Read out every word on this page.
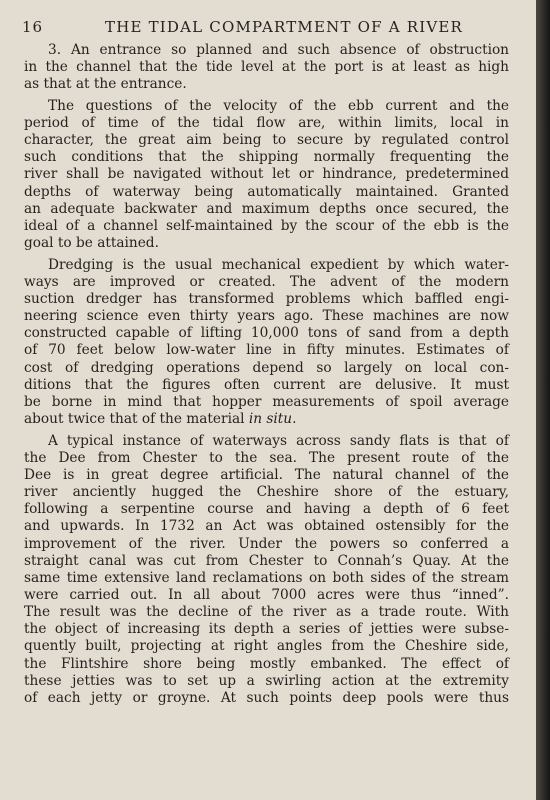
16	THE TIDAL COMPARTMENT OF A RIVER
3. An entrance so planned and such absence of obstruction
in the channel that the tide level at the port is at least as high
as that at the entrance.
The questions of the velocity of the ebb current and the
period of time of the tidal flow are, within limits, local in
character, the great aim being to secure by regulated control
such conditions that the shipping normally frequenting the
river shall be navigated without let or hindrance, predetermined
depths of waterway being automatically maintained. Granted
an adequate backwater and maximum depths once secured, the
ideal of a channel self-maintained by the scour of the ebb is the
goal to be attained.
Dredging is the usual mechanical expedient by which water-
ways are improved or created. The advent of the modern
suction dredger has transformed problems which baffled engi-
neering science even thirty years ago. These machines are now
constructed capable of lifting 10,000 tons of sand from a depth
of 70 feet below low-water line in fifty minutes. Estimates of
cost of dredging operations depend so largely on local con-
ditions that the figures often current are delusive. It must
be borne in mind that hopper measurements of spoil average
about twice that of the material in situ.
A typical instance of waterways across sandy flats is that of
the Dee from Chester to the sea. The present route of the
Dee is in great degree artificial. The natural channel of the
river anciently hugged the Cheshire shore of the estuary,
following a serpentine course and having a depth of 6 feet
and upwards. In 1732 an Act was obtained ostensibly for the
improvement of the river. Under the powers so conferred a
straight canal was cut from Chester to Connah’s Quay. At the
same time extensive land reclamations on both sides of the stream
were carried out. In all about 7000 acres were thus “inned”.
The result was the decline of the river as a trade route. With
the object of increasing its depth a series of jetties were subse-
quently built, projecting at right angles from the Cheshire side,
the Flintshire shore being mostly embanked. The effect of
these jetties was to set up a swirling action at the extremity
of each jetty or groyne. At such points deep pools were thus
